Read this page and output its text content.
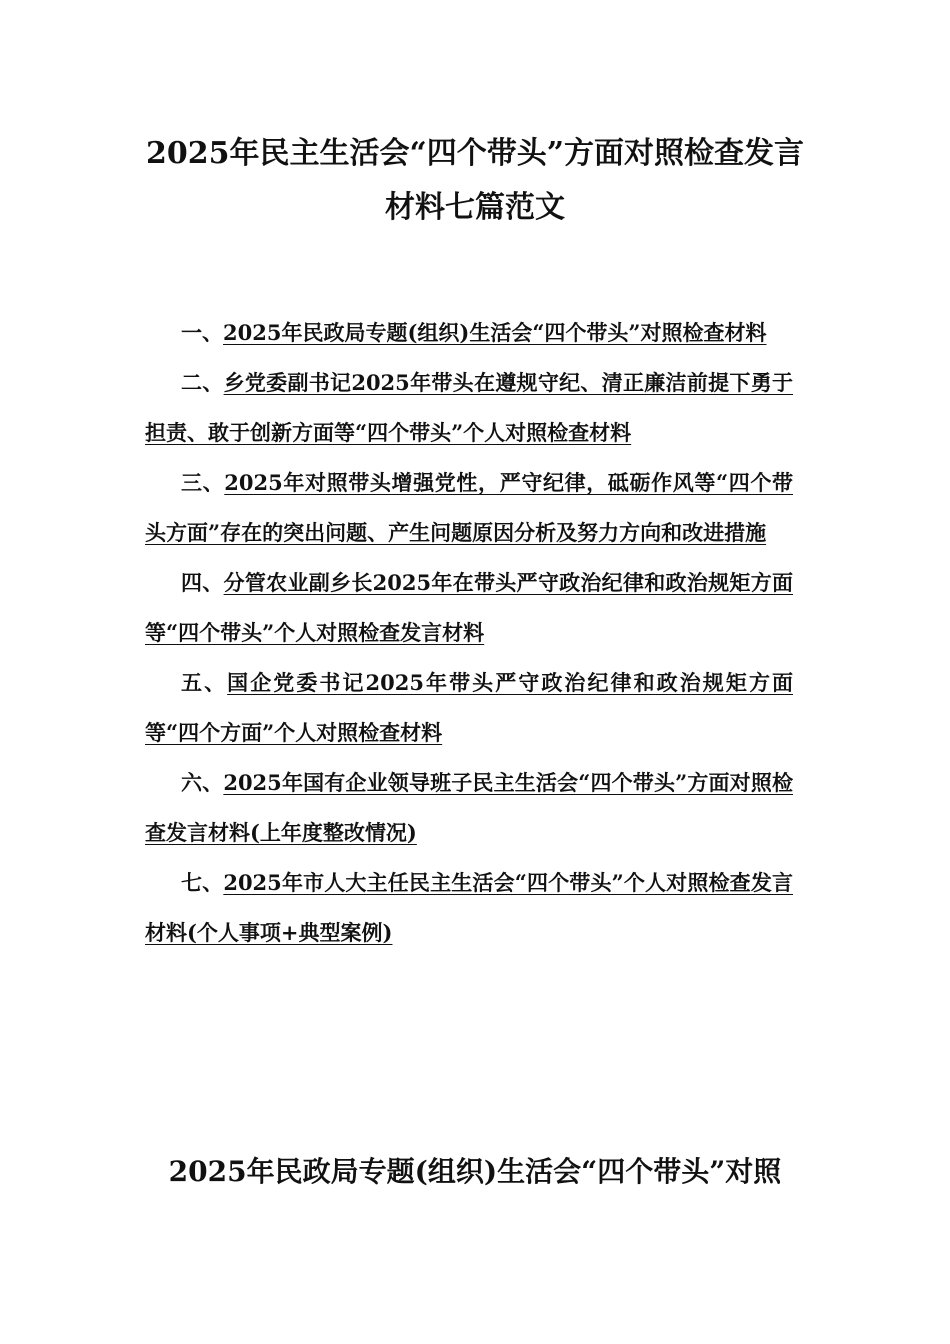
2025年民主生活会“四个带头”方面对照检查发言
材料七篇范文
一、2025年民政局专题(组织)生活会“四个带头”对照检查材料
二、乡党委副书记2025年带头在遵规守纪、清正廉洁前提下勇于担责、敢于创新方面等“四个带头”个人对照检查材料
三、2025年对照带头增强党性，严守纪律，砥砺作风等“四个带头方面”存在的突出问题、产生问题原因分析及努力方向和改进措施
四、分管农业副乡长2025年在带头严守政治纪律和政治规矩方面等“四个带头”个人对照检查发言材料
五、国企党委书记2025年带头严守政治纪律和政治规矩方面等“四个方面”个人对照检查材料
六、2025年国有企业领导班子民主生活会“四个带头”方面对照检查发言材料(上年度整改情况)
七、2025年市人大主任民主生活会“四个带头”个人对照检查发言材料(个人事项+典型案例)
2025年民政局专题(组织)生活会“四个带头”对照
